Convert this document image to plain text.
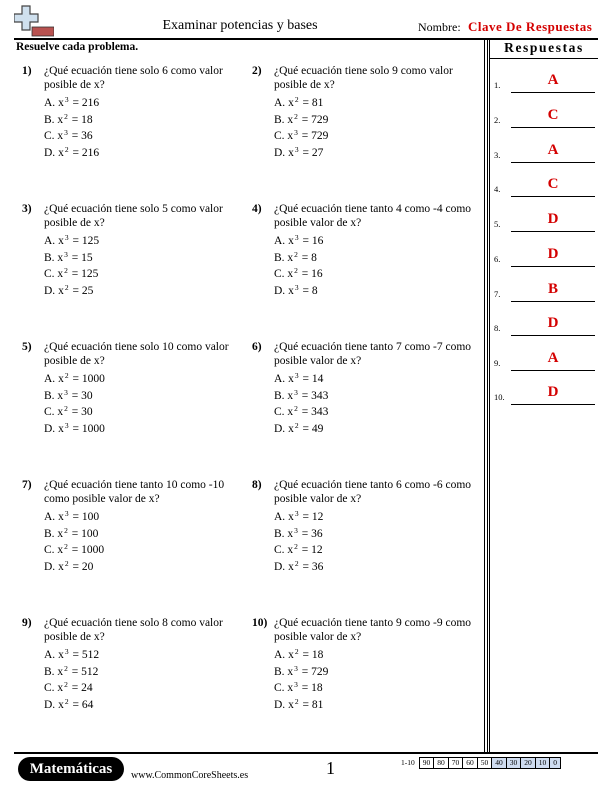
Examinar potencias y bases	Nombre: Clave De Respuestas
Resuelve cada problema.	Respuestas
1.	A
2.	C
3.	A
4.	C
5.	D
6.	D
7.	B
8.	D
9.	A
10.	D
1) ¿Qué ecuación tiene solo 6 como valor posible de x?
A. $x^3 = 216$
B. $x^2 = 18$
C. $x^3 = 36$
D. $x^2 = 216$
2) ¿Qué ecuación tiene solo 9 como valor posible de x?
A. $x^2 = 81$
B. $x^2 = 729$
C. $x^3 = 729$
D. $x^3 = 27$
3) ¿Qué ecuación tiene solo 5 como valor posible de x?
A. $x^3 = 125$
B. $x^3 = 15$
C. $x^2 = 125$
D. $x^2 = 25$
4) ¿Qué ecuación tiene tanto 4 como -4 como posible valor de x?
A. $x^3 = 16$
B. $x^2 = 8$
C. $x^2 = 16$
D. $x^3 = 8$
5) ¿Qué ecuación tiene solo 10 como valor posible de x?
A. $x^2 = 1000$
B. $x^3 = 30$
C. $x^2 = 30$
D. $x^3 = 1000$
6) ¿Qué ecuación tiene tanto 7 como -7 como posible valor de x?
A. $x^3 = 14$
B. $x^3 = 343$
C. $x^2 = 343$
D. $x^2 = 49$
7) ¿Qué ecuación tiene tanto 10 como -10 como posible valor de x?
A. $x^3 = 100$
B. $x^2 = 100$
C. $x^2 = 1000$
D. $x^2 = 20$
8) ¿Qué ecuación tiene tanto 6 como -6 como posible valor de x?
A. $x^3 = 12$
B. $x^3 = 36$
C. $x^2 = 12$
D. $x^2 = 36$
9) ¿Qué ecuación tiene solo 8 como valor posible de x?
A. $x^3 = 512$
B. $x^2 = 512$
C. $x^2 = 24$
D. $x^2 = 64$
10) ¿Qué ecuación tiene tanto 9 como -9 como posible valor de x?
A. $x^2 = 18$
B. $x^3 = 729$
C. $x^3 = 18$
D. $x^2 = 81$
Matemáticas	www.CommonCoreSheets.es	1	1-10	90	80	70	60	50	40	30	20	10	0
